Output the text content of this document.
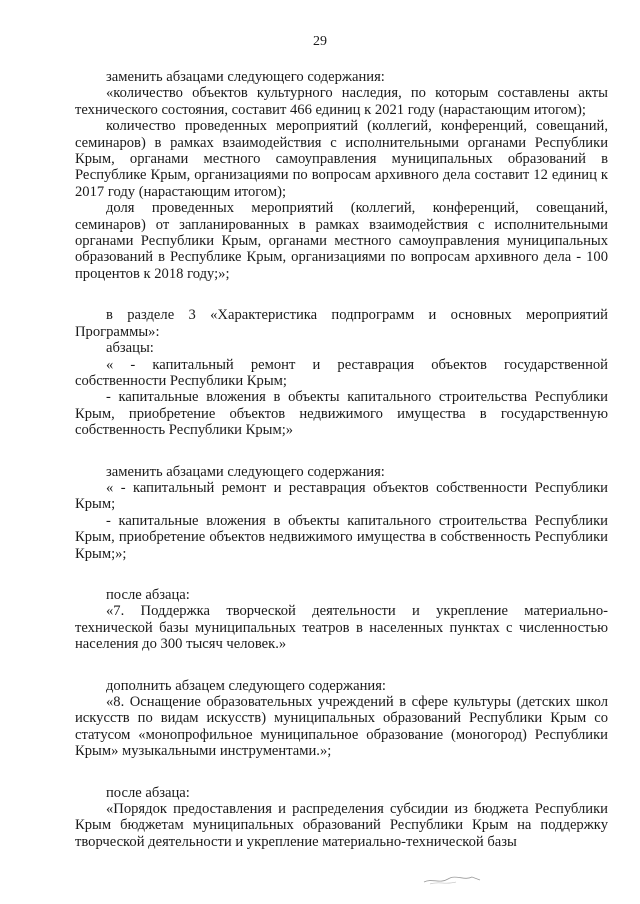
29

заменить абзацами следующего содержания:

«количество объектов культурного наследия, по которым составлены акты технического состояния, составит 466 единиц к 2021 году (нарастающим итогом);

количество проведенных мероприятий (коллегий, конференций, совещаний, семинаров) в рамках взаимодействия с исполнительными органами Республики Крым, органами местного самоуправления муниципальных образований в Республике Крым, организациями по вопросам архивного дела составит 12 единиц к 2017 году (нарастающим итогом);

доля проведенных мероприятий (коллегий, конференций, совещаний, семинаров) от запланированных в рамках взаимодействия с исполнительными органами Республики Крым, органами местного самоуправления муниципальных образований в Республике Крым, организациями по вопросам архивного дела - 100 процентов к 2018 году;»;

в разделе 3 «Характеристика подпрограмм и основных мероприятий Программы»:

абзацы:

« - капитальный ремонт и реставрация объектов государственной собственности Республики Крым;

- капитальные вложения в объекты капитального строительства Республики Крым, приобретение объектов недвижимого имущества в государственную собственность Республики Крым;»

заменить абзацами следующего содержания:

« - капитальный ремонт и реставрация объектов собственности Республики Крым;

- капитальные вложения в объекты капитального строительства Республики Крым, приобретение объектов недвижимого имущества в собственность Республики Крым;»;

после абзаца:

«7. Поддержка творческой деятельности и укрепление материально-технической базы муниципальных театров в населенных пунктах с численностью населения до 300 тысяч человек.»

дополнить абзацем следующего содержания:

«8. Оснащение образовательных учреждений в сфере культуры (детских школ искусств по видам искусств) муниципальных образований Республики Крым со статусом «монопрофильное муниципальное образование (моногород) Республики Крым» музыкальными инструментами.»;

после абзаца:

«Порядок предоставления и распределения субсидии из бюджета Республики Крым бюджетам муниципальных образований Республики Крым на поддержку творческой деятельности и укрепление материально-технической базы
